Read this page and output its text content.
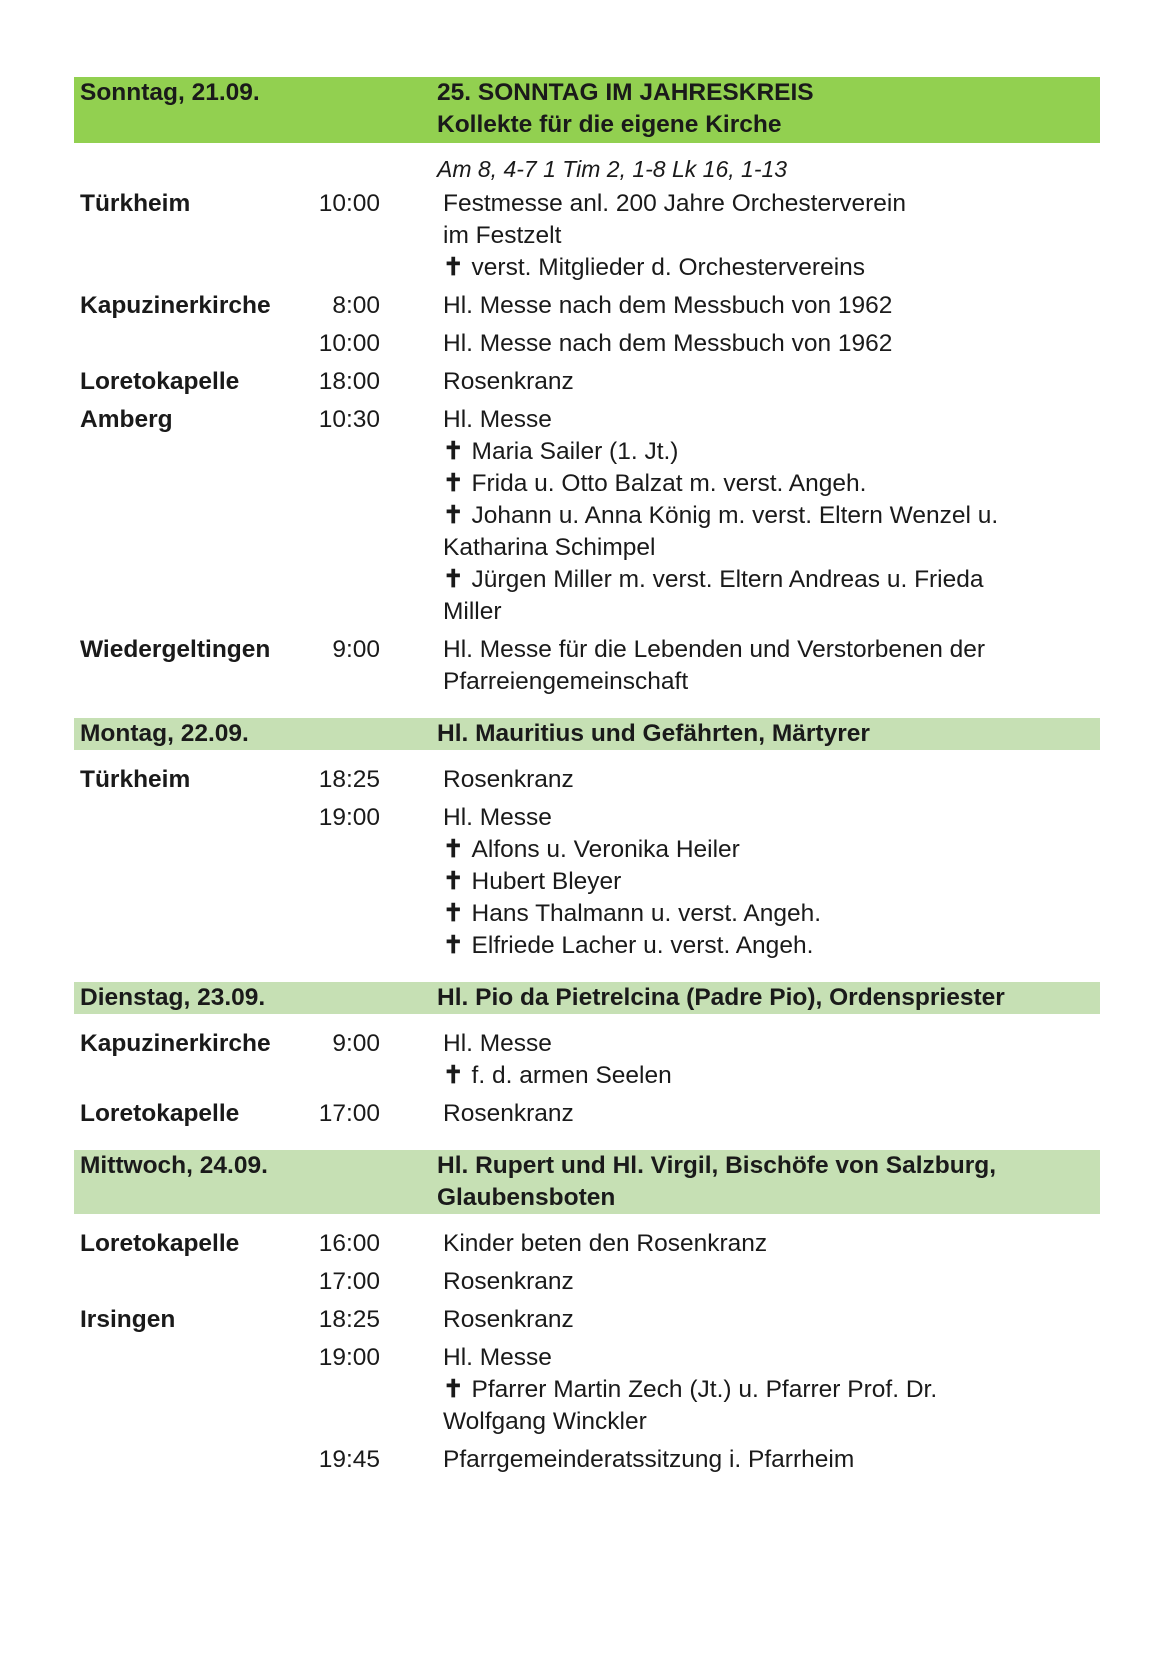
Sonntag, 21.09.	25. SONNTAG IM JAHRESKREIS
Kollekte für die eigene Kirche
Am 8, 4-7 1 Tim 2, 1-8 Lk 16, 1-13
Türkheim	10:00	Festmesse anl. 200 Jahre Orchesterverein
im Festzelt
✝ verst. Mitglieder d. Orchestervereins
Kapuzinerkirche	8:00	Hl. Messe nach dem Messbuch von 1962
10:00	Hl. Messe nach dem Messbuch von 1962
Loretokapelle	18:00	Rosenkranz
Amberg	10:30	Hl. Messe
✝ Maria Sailer (1. Jt.)
✝ Frida u. Otto Balzat m. verst. Angeh.
✝ Johann u. Anna König m. verst. Eltern Wenzel u.
Katharina Schimpel
✝ Jürgen Miller m. verst. Eltern Andreas u. Frieda
Miller
Wiedergeltingen	9:00	Hl. Messe für die Lebenden und Verstorbenen der
Pfarreiengemeinschaft
Montag, 22.09.	Hl. Mauritius und Gefährten, Märtyrer
Türkheim	18:25	Rosenkranz
19:00	Hl. Messe
✝ Alfons u. Veronika Heiler
✝ Hubert Bleyer
✝ Hans Thalmann u. verst. Angeh.
✝ Elfriede Lacher u. verst. Angeh.
Dienstag, 23.09.	Hl. Pio da Pietrelcina (Padre Pio), Ordenspriester
Kapuzinerkirche	9:00	Hl. Messe
✝ f. d. armen Seelen
Loretokapelle	17:00	Rosenkranz
Mittwoch, 24.09.	Hl. Rupert und Hl. Virgil, Bischöfe von Salzburg,
Glaubensboten
Loretokapelle	16:00	Kinder beten den Rosenkranz
17:00	Rosenkranz
Irsingen	18:25	Rosenkranz
19:00	Hl. Messe
✝ Pfarrer Martin Zech (Jt.) u. Pfarrer Prof. Dr.
Wolfgang Winckler
19:45	Pfarrgemeinderatssitzung i. Pfarrheim
